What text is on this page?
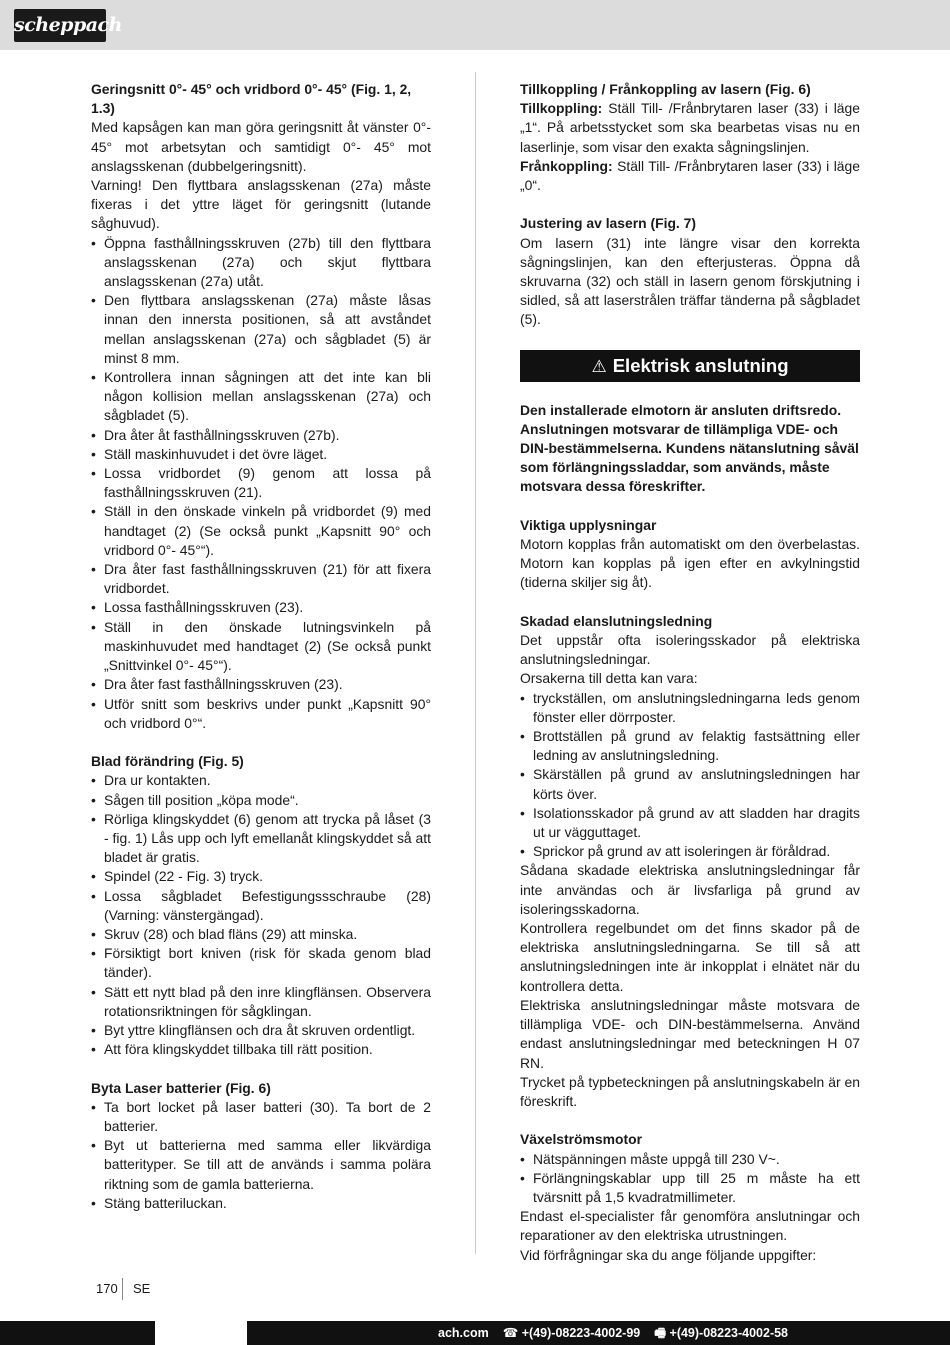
scheppach

Geringsnitt 0°- 45° och vridbord 0°- 45° (Fig. 1, 2, 1.3)

Med kapsågen kan man göra geringsnitt åt vänster 0°- 45° mot arbetsytan och samtidigt 0°- 45° mot anslagsskenan (dubbelgeringsnitt).

Varning! Den flyttbara anslagsskenan (27a) måste fixeras i det yttre läget för geringsnitt (lutande såghuvud).

• Öppna fasthållningsskruven (27b) till den flyttbara anslagsskenan (27a) och skjut flyttbara anslagsskenan (27a) utåt.
• Den flyttbara anslagsskenan (27a) måste låsas innan den innersta positionen, så att avståndet mellan anslagsskenan (27a) och sågbladet (5) är minst 8 mm.
• Kontrollera innan sågningen att det inte kan bli någon kollision mellan anslagsskenan (27a) och sågbladet (5).
• Dra åter åt fasthållningsskruven (27b).
• Ställ maskinhuvudet i det övre läget.
• Lossa vridbordet (9) genom att lossa på fasthållningsskruven (21).
• Ställ in den önskade vinkeln på vridbordet (9) med handtaget (2) (Se också punkt „Kapsnitt 90° och vridbord 0°- 45°“).
• Dra åter fast fasthållningsskruven (21) för att fixera vridbordet.
• Lossa fasthållningsskruven (23).
• Ställ in den önskade lutningsvinkeln på maskinhuvudet med handtaget (2) (Se också punkt „Snittvinkel 0°- 45°“).
• Dra åter fast fasthållningsskruven (23).
• Utför snitt som beskrivs under punkt „Kapsnitt 90° och vridbord 0°“.

Blad förändring (Fig. 5)

• Dra ur kontakten.
• Sågen till position „köpa mode“.
• Rörliga klingskyddet (6) genom att trycka på låset (3 - fig. 1) Lås upp och lyft emellanåt klingskyddet så att bladet är gratis.
• Spindel (22 - Fig. 3) tryck.
• Lossa sågbladet Befestigungssschraube (28) (Varning: vänstergängad).
• Skruv (28) och blad fläns (29) att minska.
• Försiktigt bort kniven (risk för skada genom blad tänder).
• Sätt ett nytt blad på den inre klingflänsen. Observera rotationsriktningen för sågklingan.
• Byt yttre klingflänsen och dra åt skruven ordentligt.
• Att föra klingskyddet tillbaka till rätt position.

Byta Laser batterier (Fig. 6)

• Ta bort locket på laser batteri (30). Ta bort de 2 batterier.
• Byt ut batterierna med samma eller likvärdiga batterityper. Se till att de används i samma polära riktning som de gamla batterierna.
• Stäng batteriluckan.

Tillkoppling / Frånkoppling av lasern (Fig. 6)

Tillkoppling: Ställ Till- /Frånbrytaren laser (33) i läge „1“. På arbetsstycket som ska bearbetas visas nu en laserlinje, som visar den exakta sågningslinjen.

Frånkoppling: Ställ Till- /Frånbrytaren laser (33) i läge „0“.

Justering av lasern (Fig. 7)

Om lasern (31) inte längre visar den korrekta sågningslinjen, kan den efterjusteras. Öppna då skruvarna (32) och ställ in lasern genom förskjutning i sidled, så att laserstrålen träffar tänderna på sågbladet (5).

⚠ Elektrisk anslutning

Den installerade elmotorn är ansluten driftsredo. Anslutningen motsvarar de tillämpliga VDE- och DIN-bestämmelserna. Kundens nätanslutning såväl som förlängningssladdar, som används, måste motsvara dessa föreskrifter.

Viktiga upplysningar

Motorn kopplas från automatiskt om den överbelastas. Motorn kan kopplas på igen efter en avkylningstid (tiderna skiljer sig åt).

Skadad elanslutningsledning

Det uppstår ofta isoleringsskador på elektriska anslutningsledningar.

Orsakerna till detta kan vara:

• tryckställen, om anslutningsledningarna leds genom fönster eller dörrposter.
• Brottställen på grund av felaktig fastsättning eller ledning av anslutningsledning.
• Skärställen på grund av anslutningsledningen har körts över.
• Isolationsskador på grund av att sladden har dragits ut ur vägguttaget.
• Sprickor på grund av att isoleringen är föråldrad.

Sådana skadade elektriska anslutningsledningar får inte användas och är livsfarliga på grund av isoleringsskadorna.

Kontrollera regelbundet om det finns skador på de elektriska anslutningsledningarna. Se till så att anslutningsledningen inte är inkopplat i elnätet när du kontrollera detta.

Elektriska anslutningsledningar måste motsvara de tillämpliga VDE- och DIN-bestämmelserna. Använd endast anslutningsledningar med beteckningen H 07 RN.

Trycket på typbeteckningen på anslutningskabeln är en föreskrift.

Växelströmsmotor

• Nätspänningen måste uppgå till 230 V~.
• Förlängningskablar upp till 25 m måste ha ett tvärsnitt på 1,5 kvadratmillimeter.

Endast el-specialister får genomföra anslutningar och reparationer av den elektriska utrustningen.

Vid förfrågningar ska du ange följande uppgifter:

170 SE
ach.com ☎ +(49)-08223-4002-99 🖷 +(49)-08223-4002-58
